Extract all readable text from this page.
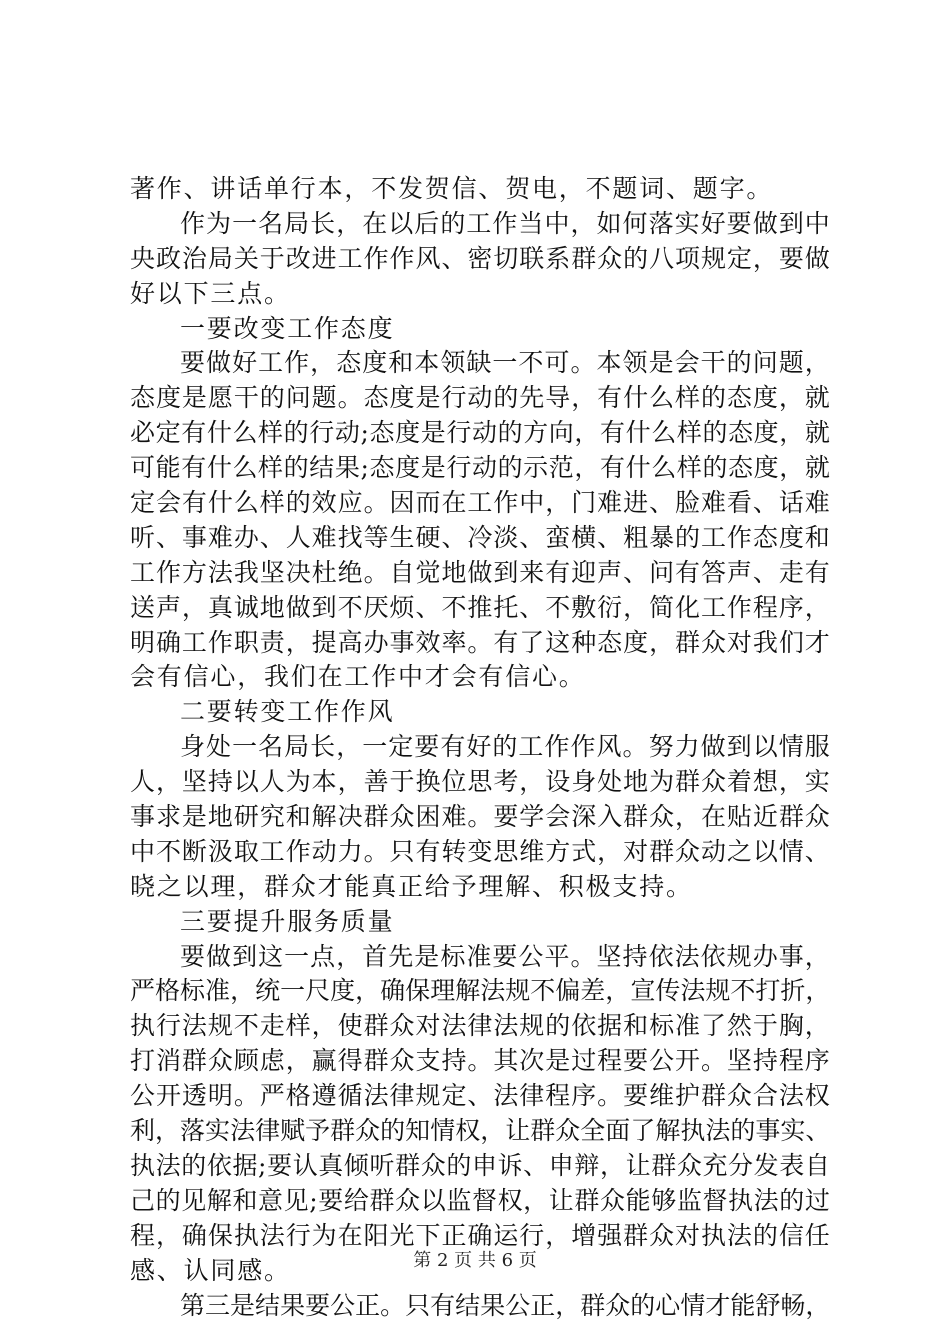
著作、讲话单行本，不发贺信、贺电，不题词、题字。
作 为 一 名 局 长 ， 在 以 后 的 工 作 当 中 ， 如 何 落 实 好 要 做 到 中
央 政 治 局 关 于 改 进 工 作 作 风 、 密 切 联 系 群 众 的 八 项 规 定 ， 要 做
好以下三点。
一要改变工作态度
要 做 好 工 作 ， 态 度 和 本 领 缺 一 不 可 。 本 领 是 会 干 的 问 题 ，
态 度 是 愿 干 的 问 题 。 态 度 是 行 动 的 先 导 ， 有 什 么 样 的 态 度 ， 就
必 定 有 什 么 样 的 行 动 ; 态 度 是 行 动 的 方 向 ， 有 什 么 样 的 态 度 ， 就
可 能 有 什 么 样 的 结 果 ; 态 度 是 行 动 的 示 范 ， 有 什 么 样 的 态 度 ， 就
定 会 有 什 么 样 的 效 应 。 因 而 在 工 作 中 ， 门 难 进 、 脸 难 看 、 话 难
听 、 事 难 办 、 人 难 找 等 生 硬 、 冷 淡 、 蛮 横 、 粗 暴 的 工 作 态 度 和
工 作 方 法 我 坚 决 杜 绝 。 自 觉 地 做 到 来 有 迎 声 、 问 有 答 声 、 走 有
送 声 ， 真 诚 地 做 到 不 厌 烦 、 不 推 托 、 不 敷 衍 ， 简 化 工 作 程 序 ，
明 确 工 作 职 责 ， 提 高 办 事 效 率 。 有 了 这 种 态 度 ， 群 众 对 我 们 才
会有信心，我们在工作中才会有信心。
二要转变工作作风
身 处 一 名 局 长 ， 一 定 要 有 好 的 工 作 作 风 。 努 力 做 到 以 情 服
人 ， 坚 持 以 人 为 本 ， 善 于 换 位 思 考 ， 设 身 处 地 为 群 众 着 想 ， 实
事 求 是 地 研 究 和 解 决 群 众 困 难 。 要 学 会 深 入 群 众 ， 在 贴 近 群 众
中 不 断 汲 取 工 作 动 力 。 只 有 转 变 思 维 方 式 ， 对 群 众 动 之 以 情 、
晓之以理，群众才能真正给予理解、积极支持。
三要提升服务质量
要 做 到 这 一 点 ， 首 先 是 标 准 要 公 平 。 坚 持 依 法 依 规 办 事 ，
严 格 标 准 ， 统 一 尺 度 ， 确 保 理 解 法 规 不 偏 差 ， 宣 传 法 规 不 打 折 ，
执 行 法 规 不 走 样 ， 使 群 众 对 法 律 法 规 的 依 据 和 标 准 了 然 于 胸 ，
打 消 群 众 顾 虑 ， 赢 得 群 众 支 持 。 其 次 是 过 程 要 公 开 。 坚 持 程 序
公 开 透 明 。 严 格 遵 循 法 律 规 定 、 法 律 程 序 。 要 维 护 群 众 合 法 权
利 ， 落 实 法 律 赋 予 群 众 的 知 情 权 ， 让 群 众 全 面 了 解 执 法 的 事 实 、
执 法 的 依 据 ; 要 认 真 倾 听 群 众 的 申 诉 、 申 辩 ， 让 群 众 充 分 发 表 自
己 的 见 解 和 意 见 ; 要 给 群 众 以 监 督 权 ， 让 群 众 能 够 监 督 执 法 的 过
程 ， 确 保 执 法 行 为 在 阳 光 下 正 确 运 行 ， 增 强 群 众 对 执 法 的 信 任
感、认同感。
第 三 是 结 果 要 公 正 。 只 有 结 果 公 正 ， 群 众 的 心 情 才 能 舒 畅 ，
第 2 页 共 6 页
